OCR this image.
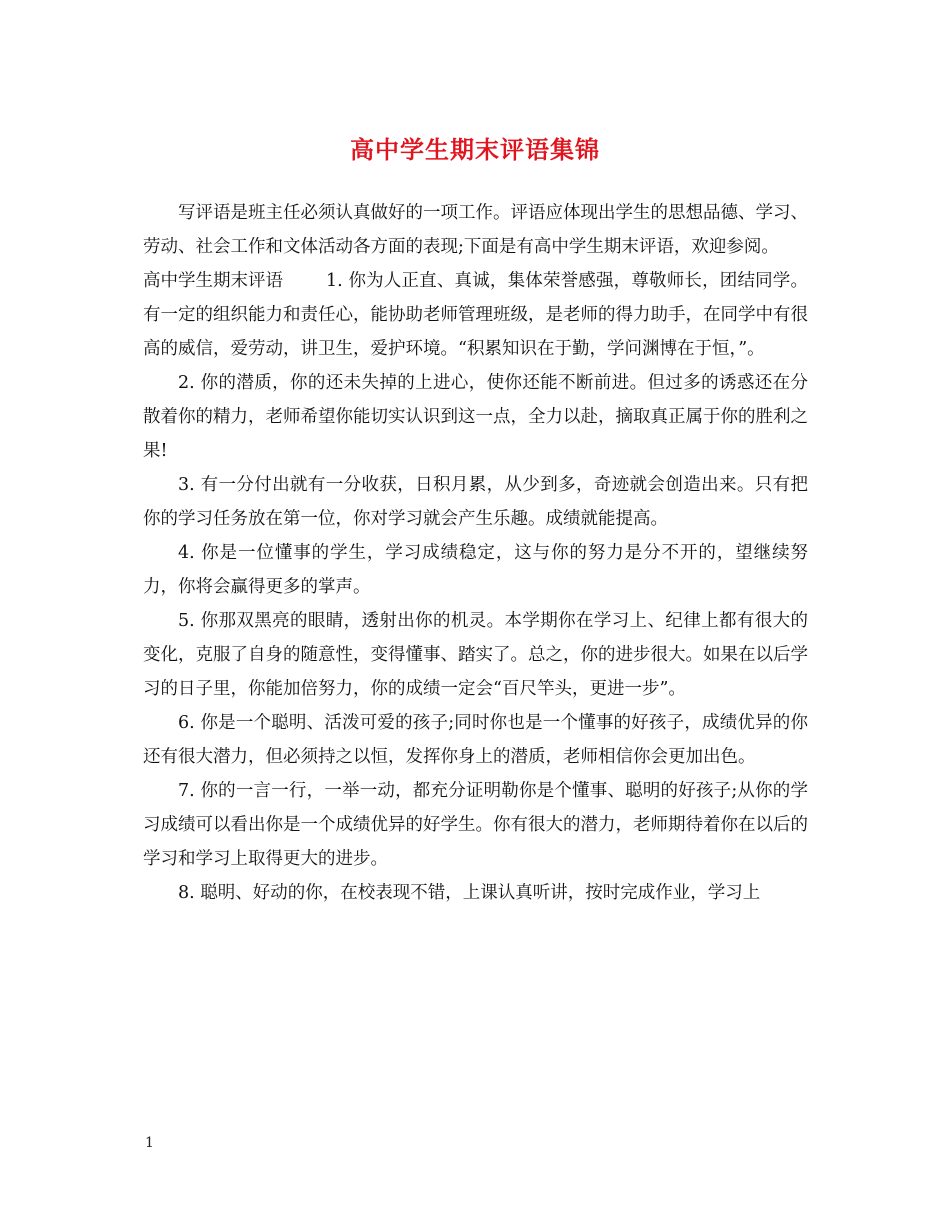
高中学生期末评语集锦

写评语是班主任必须认真做好的一项工作。评语应体现出学生的思想品德、学习、劳动、社会工作和文体活动各方面的表现;下面是有高中学生期末评语，欢迎参阅。

高中学生期末评语 1. 你为人正直、真诚，集体荣誉感强，尊敬师长，团结同学。有一定的组织能力和责任心，能协助老师管理班级，是老师的得力助手，在同学中有很高的威信，爱劳动，讲卫生，爱护环境。“积累知识在于勤，学问渊博在于恒，”。

2. 你的潜质，你的还未失掉的上进心，使你还能不断前进。但过多的诱惑还在分散着你的精力，老师希望你能切实认识到这一点，全力以赴，摘取真正属于你的胜利之果!

3. 有一分付出就有一分收获，日积月累，从少到多，奇迹就会创造出来。只有把你的学习任务放在第一位，你对学习就会产生乐趣。成绩就能提高。

4. 你是一位懂事的学生，学习成绩稳定，这与你的努力是分不开的，望继续努力，你将会赢得更多的掌声。

5. 你那双黑亮的眼睛，透射出你的机灵。本学期你在学习上、纪律上都有很大的变化，克服了自身的随意性，变得懂事、踏实了。总之，你的进步很大。如果在以后学习的日子里，你能加倍努力，你的成绩一定会“百尺竿头，更进一步”。

6. 你是一个聪明、活泼可爱的孩子;同时你也是一个懂事的好孩子，成绩优异的你还有很大潜力，但必须持之以恒，发挥你身上的潜质，老师相信你会更加出色。

7. 你的一言一行，一举一动，都充分证明勒你是个懂事、聪明的好孩子;从你的学习成绩可以看出你是一个成绩优异的好学生。你有很大的潜力，老师期待着你在以后的学习和学习上取得更大的进步。

8. 聪明、好动的你，在校表现不错，上课认真听讲，按时完成作业，学习上

1
